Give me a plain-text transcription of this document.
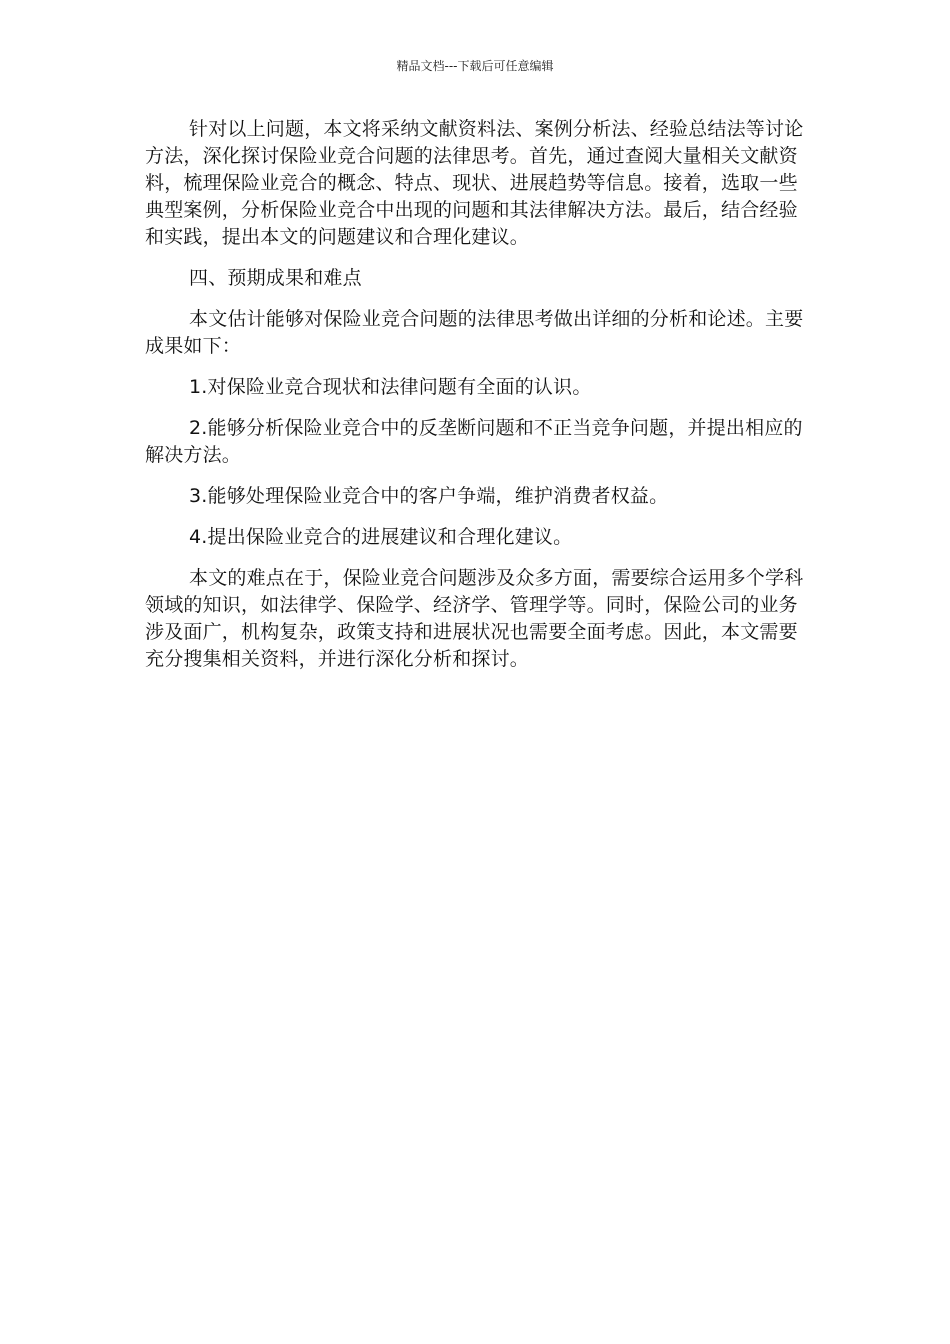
精品文档---下载后可任意编辑

针对以上问题，本文将采纳文献资料法、案例分析法、经验总结法等讨论方法，深化探讨保险业竞合问题的法律思考。首先，通过查阅大量相关文献资料，梳理保险业竞合的概念、特点、现状、进展趋势等信息。接着，选取一些典型案例，分析保险业竞合中出现的问题和其法律解决方法。最后，结合经验和实践，提出本文的问题建议和合理化建议。

四、预期成果和难点

本文估计能够对保险业竞合问题的法律思考做出详细的分析和论述。主要成果如下：

1.对保险业竞合现状和法律问题有全面的认识。

2.能够分析保险业竞合中的反垄断问题和不正当竞争问题，并提出相应的解决方法。

3.能够处理保险业竞合中的客户争端，维护消费者权益。

4.提出保险业竞合的进展建议和合理化建议。

本文的难点在于，保险业竞合问题涉及众多方面，需要综合运用多个学科领域的知识，如法律学、保险学、经济学、管理学等。同时，保险公司的业务涉及面广，机构复杂，政策支持和进展状况也需要全面考虑。因此，本文需要充分搜集相关资料，并进行深化分析和探讨。
